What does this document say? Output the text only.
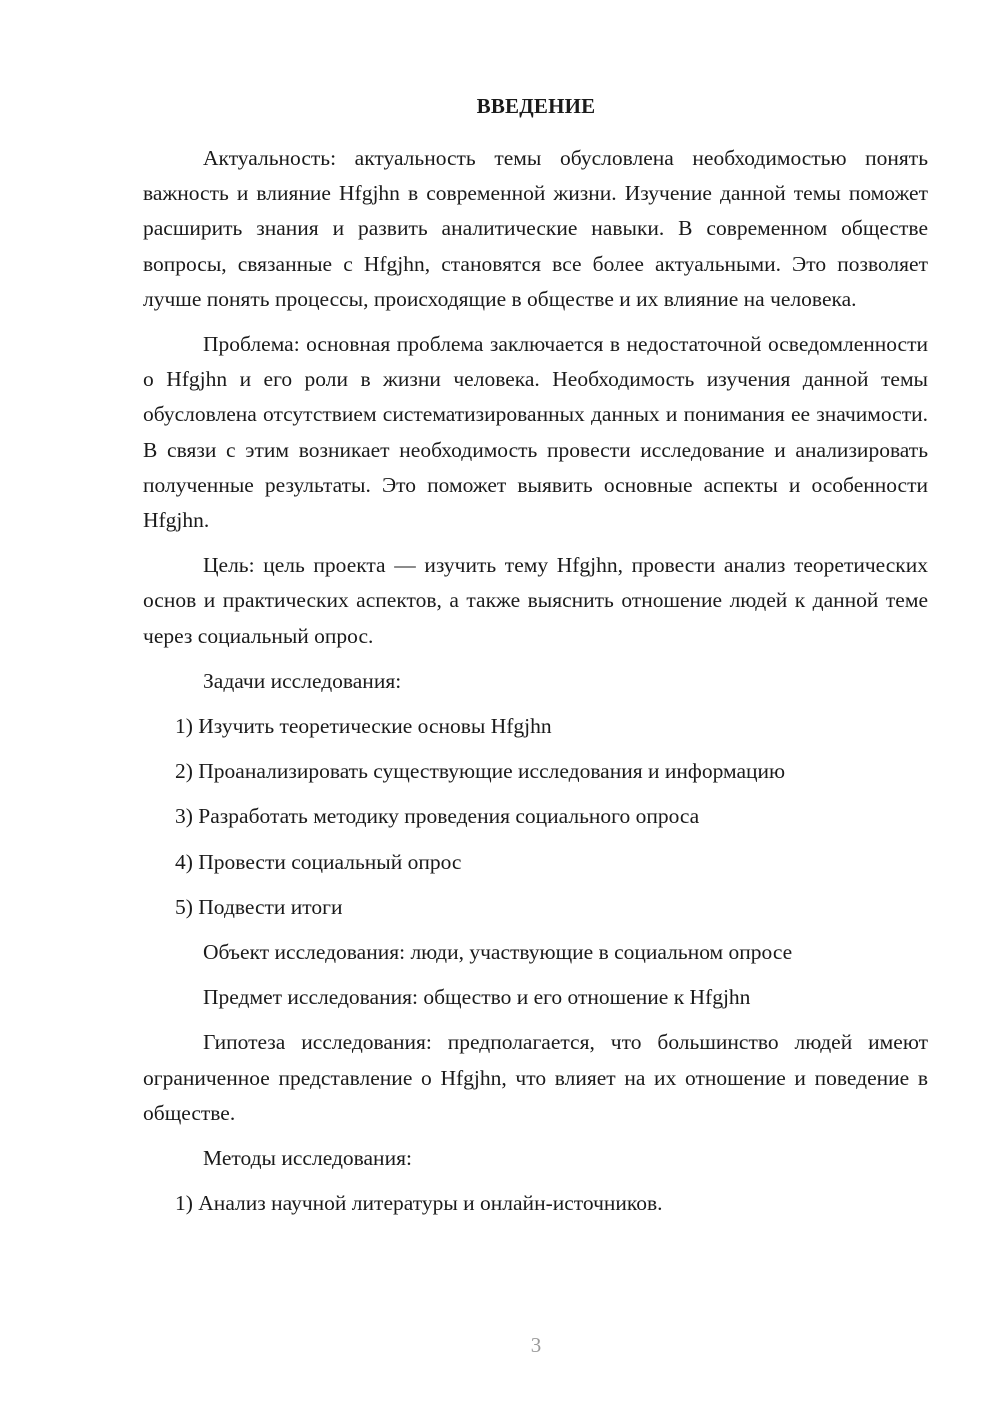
ВВЕДЕНИЕ

Актуальность: актуальность темы обусловлена необходимостью понять важность и влияние Hfgjhn в современной жизни. Изучение данной темы поможет расширить знания и развить аналитические навыки. В современном обществе вопросы, связанные с Hfgjhn, становятся все более актуальными. Это позволяет лучше понять процессы, происходящие в обществе и их влияние на человека.

Проблема: основная проблема заключается в недостаточной осведомленности о Hfgjhn и его роли в жизни человека. Необходимость изучения данной темы обусловлена отсутствием систематизированных данных и понимания ее значимости. В связи с этим возникает необходимость провести исследование и анализировать полученные результаты. Это поможет выявить основные аспекты и особенности Hfgjhn.

Цель: цель проекта — изучить тему Hfgjhn, провести анализ теоретических основ и практических аспектов, а также выяснить отношение людей к данной теме через социальный опрос.

Задачи исследования:

1) Изучить теоретические основы Hfgjhn

2) Проанализировать существующие исследования и информацию

3) Разработать методику проведения социального опроса

4) Провести социальный опрос

5) Подвести итоги

Объект исследования: люди, участвующие в социальном опросе

Предмет исследования: общество и его отношение к Hfgjhn

Гипотеза исследования: предполагается, что большинство людей имеют ограниченное представление о Hfgjhn, что влияет на их отношение и поведение в обществе.

Методы исследования:

1) Анализ научной литературы и онлайн-источников.

3
